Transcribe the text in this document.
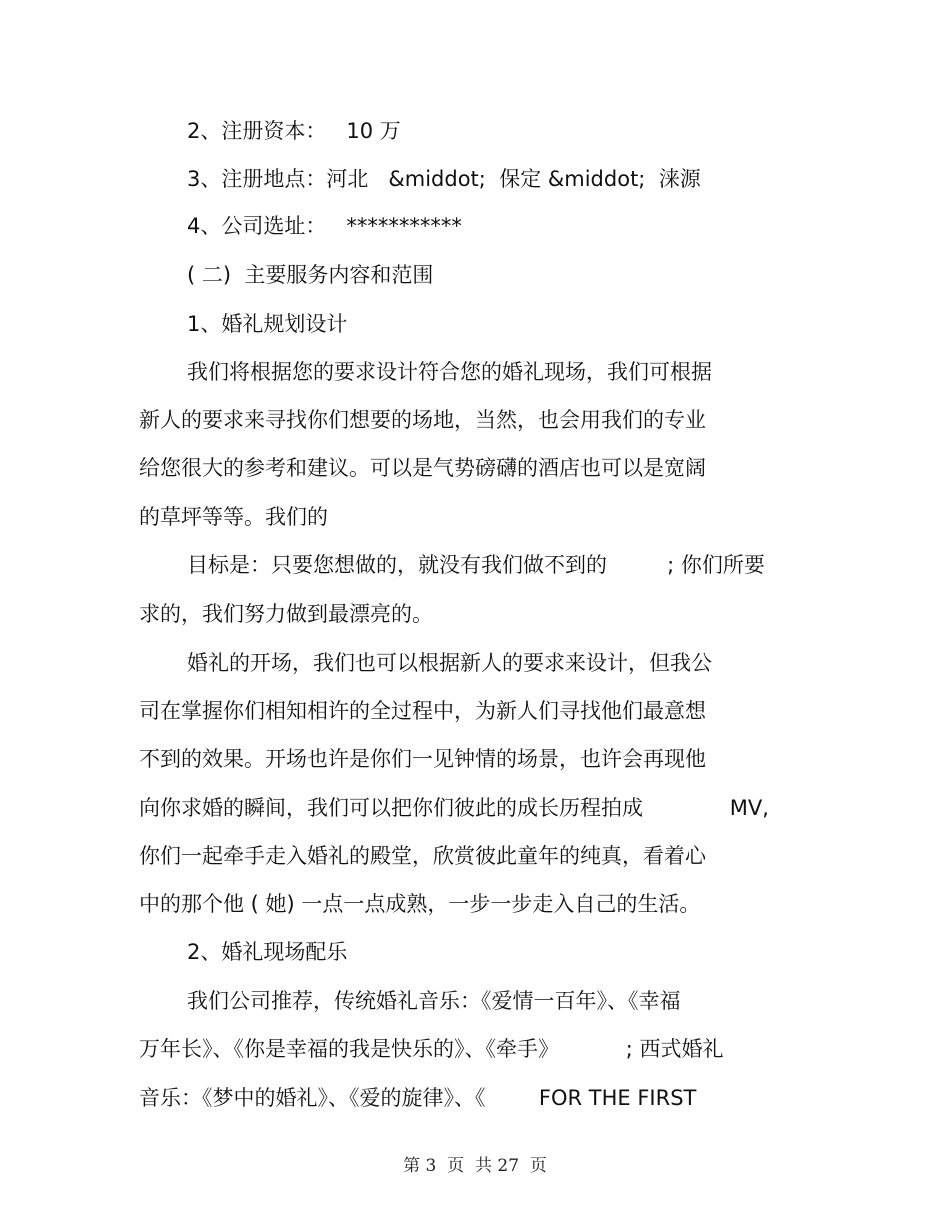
2、注册资本：   10 万
3、注册地点：河北   &middot;  保定 &middot;  涞源
4、公司选址：   ***********
( 二)  主要服务内容和范围
1、婚礼规划设计
我们将根据您的要求设计符合您的婚礼现场，我们可根据
新人的要求来寻找你们想要的场地，当然，也会用我们的专业
给您很大的参考和建议。可以是气势磅礴的酒店也可以是宽阔
的草坪等等。我们的
目标是：只要您想做的，就没有我们做不到的         ; 你们所要
求的，我们努力做到最漂亮的。
婚礼的开场，我们也可以根据新人的要求来设计，但我公
司在掌握你们相知相许的全过程中，为新人们寻找他们最意想
不到的效果。开场也许是你们一见钟情的场景，也许会再现他
向你求婚的瞬间，我们可以把你们彼此的成长历程拍成             MV,
你们一起牵手走入婚礼的殿堂，欣赏彼此童年的纯真，看着心
中的那个他 ( 她) 一点一点成熟，一步一步走入自己的生活。
2、婚礼现场配乐
我们公司推荐，传统婚礼音乐：《爱情一百年》、《幸福
万年长》、《你是幸福的我是快乐的》、《牵手》          ; 西式婚礼
音乐：《梦中的婚礼》、《爱的旋律》、《        FOR THE FIRST
第 3  页  共 27  页
